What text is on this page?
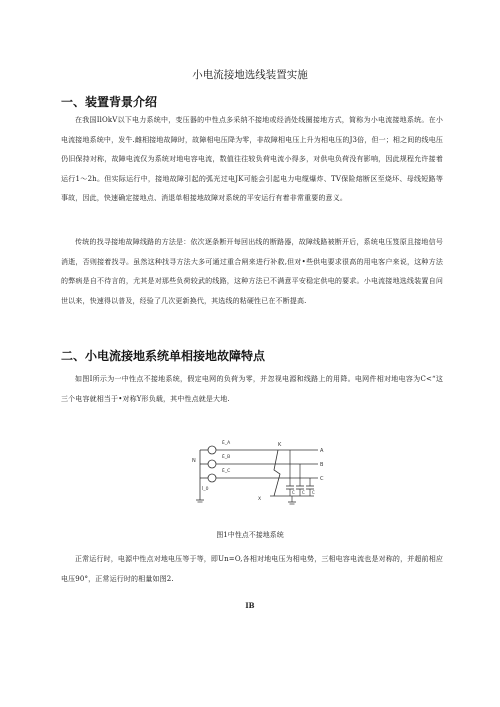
小电流接地选线装置实施
一、装置背景介绍
在我国IlOkV以下电力系统中，变压器的中性点多采纳不接地或经消处线圈接地方式，简称为小电流接地系统。在小电流接地系统中，发牛.雌相接地故障时，故障相电压降为零，非故障相电压上升为相电压的J3倍，但一；相之间的线电压仍旧保持对称，故障电流仅为系统对地电容电流，数值往往较负荷电流小得多，对供电负荷没有影响，因此规程允许接着运行1〜2h。但实际运行中，接地故障引起的弧光过电JK可能会引起电力电缆爆炸、TV保险熔断区至烧坏、母线短路等事故，因此，快速确定接地点、消退单相接地故障对系统的平安运行有着非常重要的意义。
传统的找寻接地故障线路的方法是：依次逐条断开每回出线的断路器，故障线路被断开后，系统电压笈原且接地信号消逝，否则接着找寻。虽然这种找寻方法大多可通过重合闸来进行补救,但对•些供电要求很高的用电客户来说，这种方法的弊病是自不待言的，尤其是对那些负荷较武的线路，这种方法已不满意平安稳定供电的要求。小电流接地选线装置自问世以来，快速得以普及，经验了几次更新换代，其选线的粘硬性已在不断提高.
二、小电流接地系统单相接地故障特点
如图I所示为一中性点不接地系统，假定电网的负荷为零，并忽视电源和线路上的用降。电网件相对地电容为C<“这三个电容就相当于•对称Y形负载，其中性点就是大地.
N
İ_0
Ė_A
Ė_B
Ė_C
A
B
C
K
C C C
X
图1中性点不接地系统
正常运行时，电源中性点对地电压等于等，即Un=O,各相对地电压为相电势，三相电容电流也是对称的，并超前相应电压90°，正常运行时的相量如图2.
IB
